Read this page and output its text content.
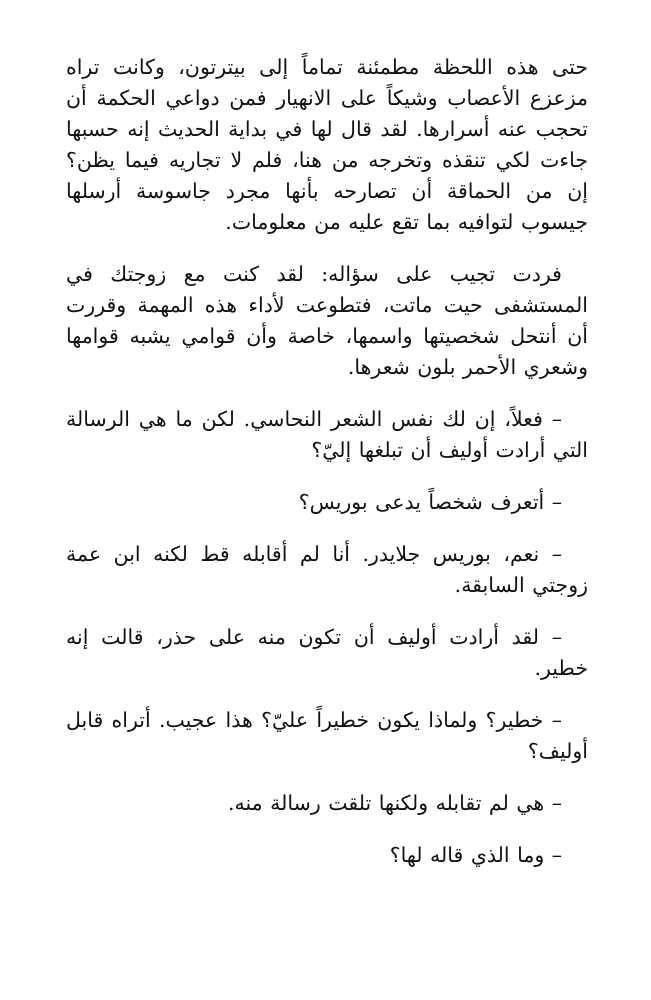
حتى هذه اللحظة مطمئنة تماماً إلى بيترتون، وكانت تراه مزعزع الأعصاب وشيكاً على الانهيار فمن دواعي الحكمة أن تحجب عنه أسرارها. لقد قال لها في بداية الحديث إنه حسبها جاءت لكي تنقذه وتخرجه من هنا، فلم لا تجاريه فيما يظن؟ إن من الحماقة أن تصارحه بأنها مجرد جاسوسة أرسلها جيسوب لتوافيه بما تقع عليه من معلومات.

فردت تجيب على سؤاله: لقد كنت مع زوجتك في المستشفى حيت ماتت، فتطوعت لأداء هذه المهمة وقررت أن أنتحل شخصيتها واسمها، خاصة وأن قوامي يشبه قوامها وشعري الأحمر بلون شعرها.

– فعلاً، إن لك نفس الشعر النحاسي. لكن ما هي الرسالة التي أرادت أوليف أن تبلغها إليّ؟

– أتعرف شخصاً يدعى بوريس؟

– نعم، بوريس جلايدر. أنا لم أقابله قط لكنه ابن عمة زوجتي السابقة.

– لقد أرادت أوليف أن تكون منه على حذر، قالت إنه خطير.

– خطير؟ ولماذا يكون خطيراً عليّ؟ هذا عجيب. أتراه قابل أوليف؟

– هي لم تقابله ولكنها تلقت رسالة منه.

– وما الذي قاله لها؟
